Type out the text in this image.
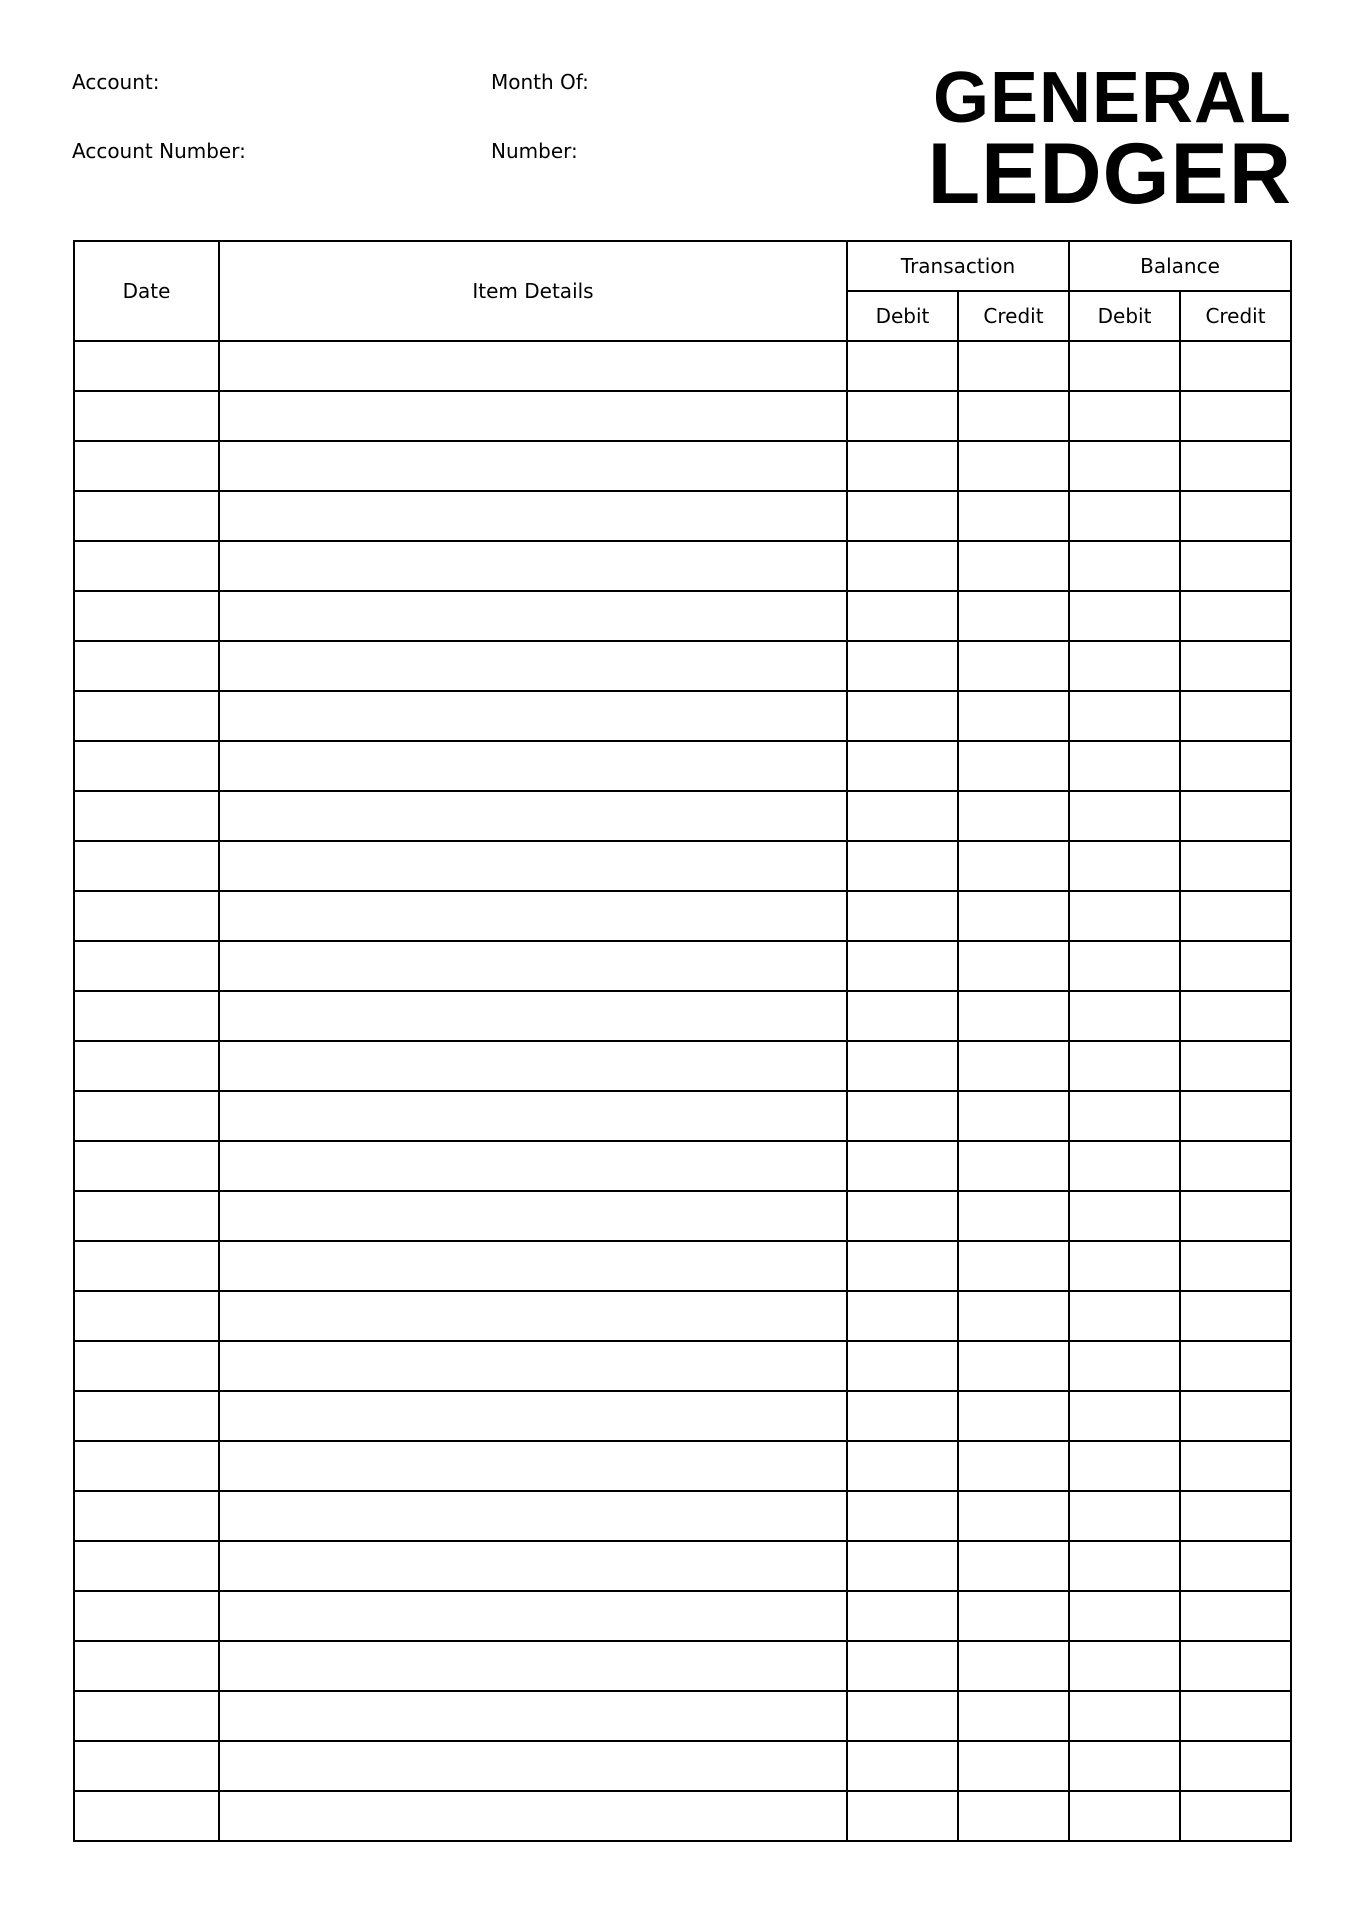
Account:	Month Of:
Account Number:	Number:
GENERAL
LEDGER
Date	Item Details	Transaction		Balance	
		Debit	Credit	Debit	Credit
